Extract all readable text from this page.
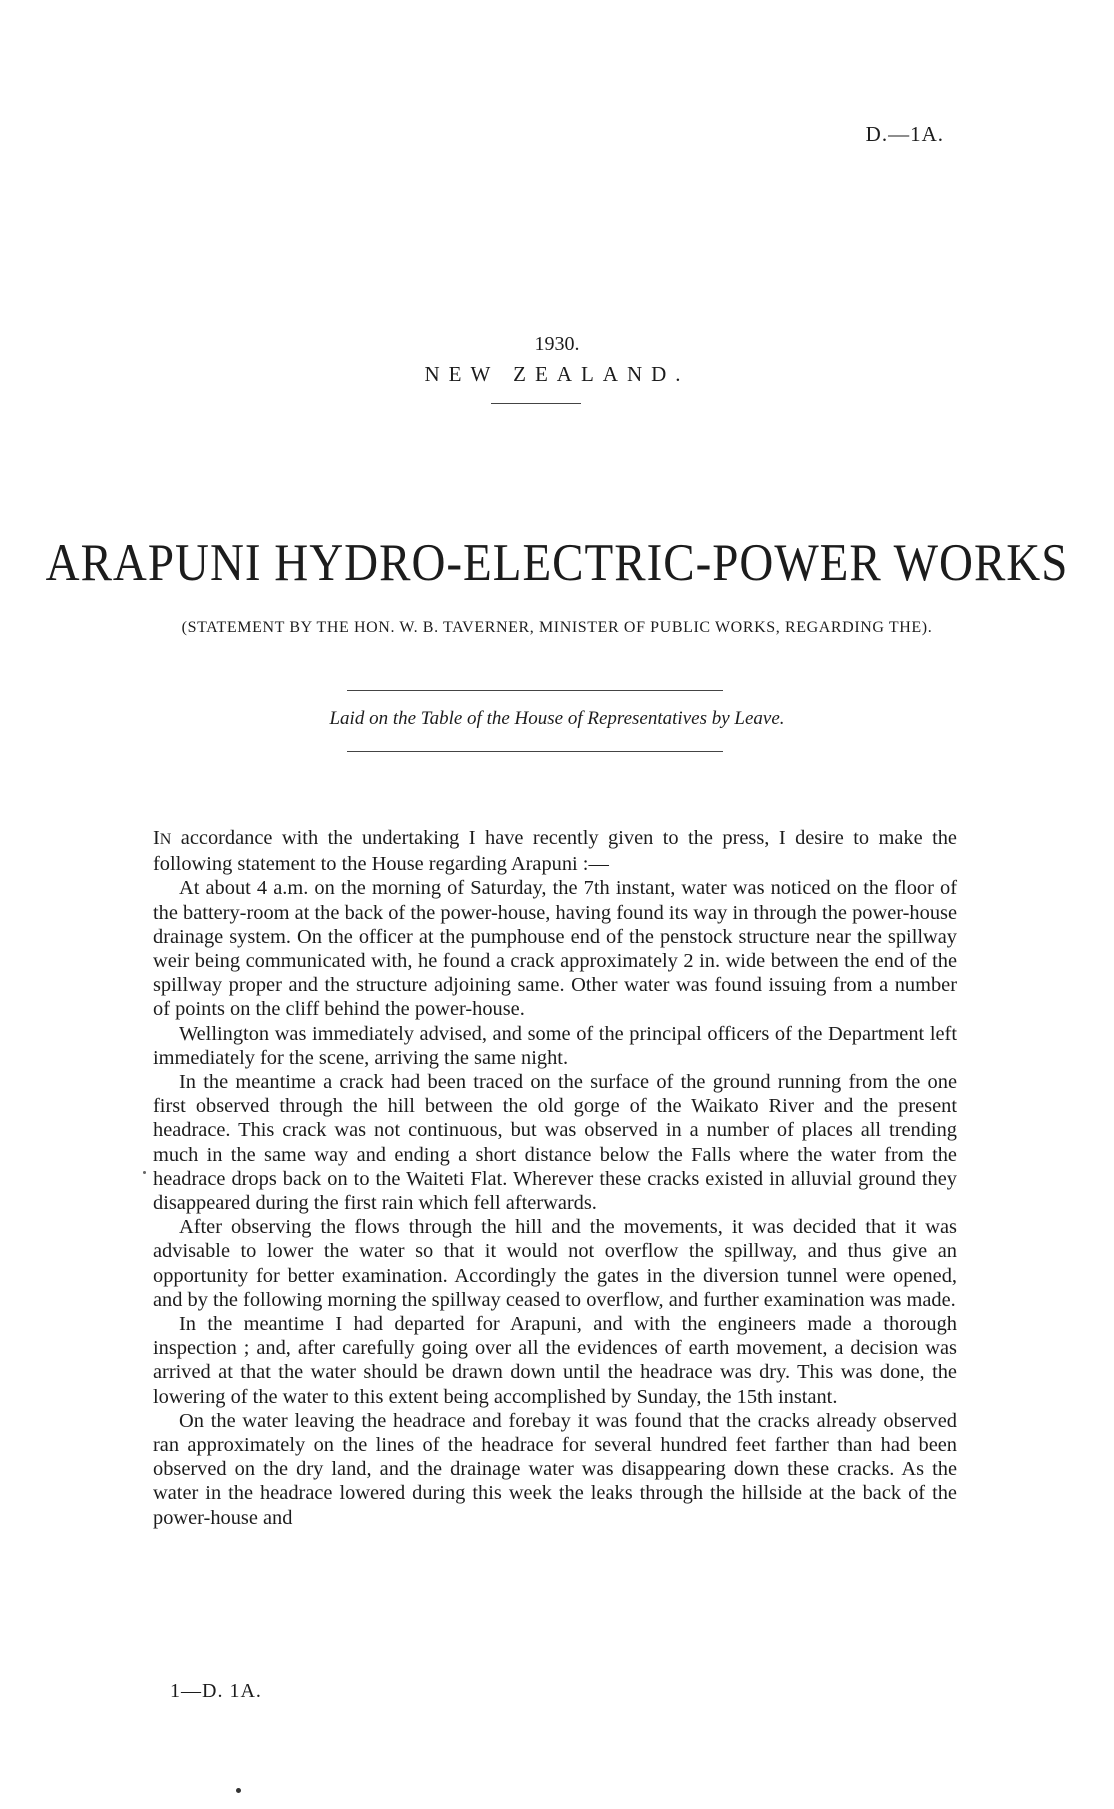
D.—1A.
1930.
NEW ZEALAND.
ARAPUNI HYDRO-ELECTRIC-POWER WORKS
(STATEMENT BY THE HON. W. B. TAVERNER, MINISTER OF PUBLIC WORKS, REGARDING THE).
Laid on the Table of the House of Representatives by Leave.

IN accordance with the undertaking I have recently given to the press, I desire to make the following statement to the House regarding Arapuni :—

At about 4 a.m. on the morning of Saturday, the 7th instant, water was noticed on the floor of the battery-room at the back of the power-house, having found its way in through the power-house drainage system. On the officer at the pumphouse end of the penstock structure near the spillway weir being communicated with, he found a crack approximately 2 in. wide between the end of the spillway proper and the structure adjoining same. Other water was found issuing from a number of points on the cliff behind the power-house.

Wellington was immediately advised, and some of the principal officers of the Department left immediately for the scene, arriving the same night.

In the meantime a crack had been traced on the surface of the ground running from the one first observed through the hill between the old gorge of the Waikato River and the present headrace. This crack was not continuous, but was observed in a number of places all trending much in the same way and ending a short distance below the Falls where the water from the headrace drops back on to the Waiteti Flat. Wherever these cracks existed in alluvial ground they disappeared during the first rain which fell afterwards.

After observing the flows through the hill and the movements, it was decided that it was advisable to lower the water so that it would not overflow the spillway, and thus give an opportunity for better examination. Accordingly the gates in the diversion tunnel were opened, and by the following morning the spillway ceased to overflow, and further examination was made.

In the meantime I had departed for Arapuni, and with the engineers made a thorough inspection ; and, after carefully going over all the evidences of earth movement, a decision was arrived at that the water should be drawn down until the headrace was dry. This was done, the lowering of the water to this extent being accomplished by Sunday, the 15th instant.

On the water leaving the headrace and forebay it was found that the cracks already observed ran approximately on the lines of the headrace for several hundred feet farther than had been observed on the dry land, and the drainage water was disappearing down these cracks. As the water in the headrace lowered during this week the leaks through the hillside at the back of the power-house and

1—D. 1A.
